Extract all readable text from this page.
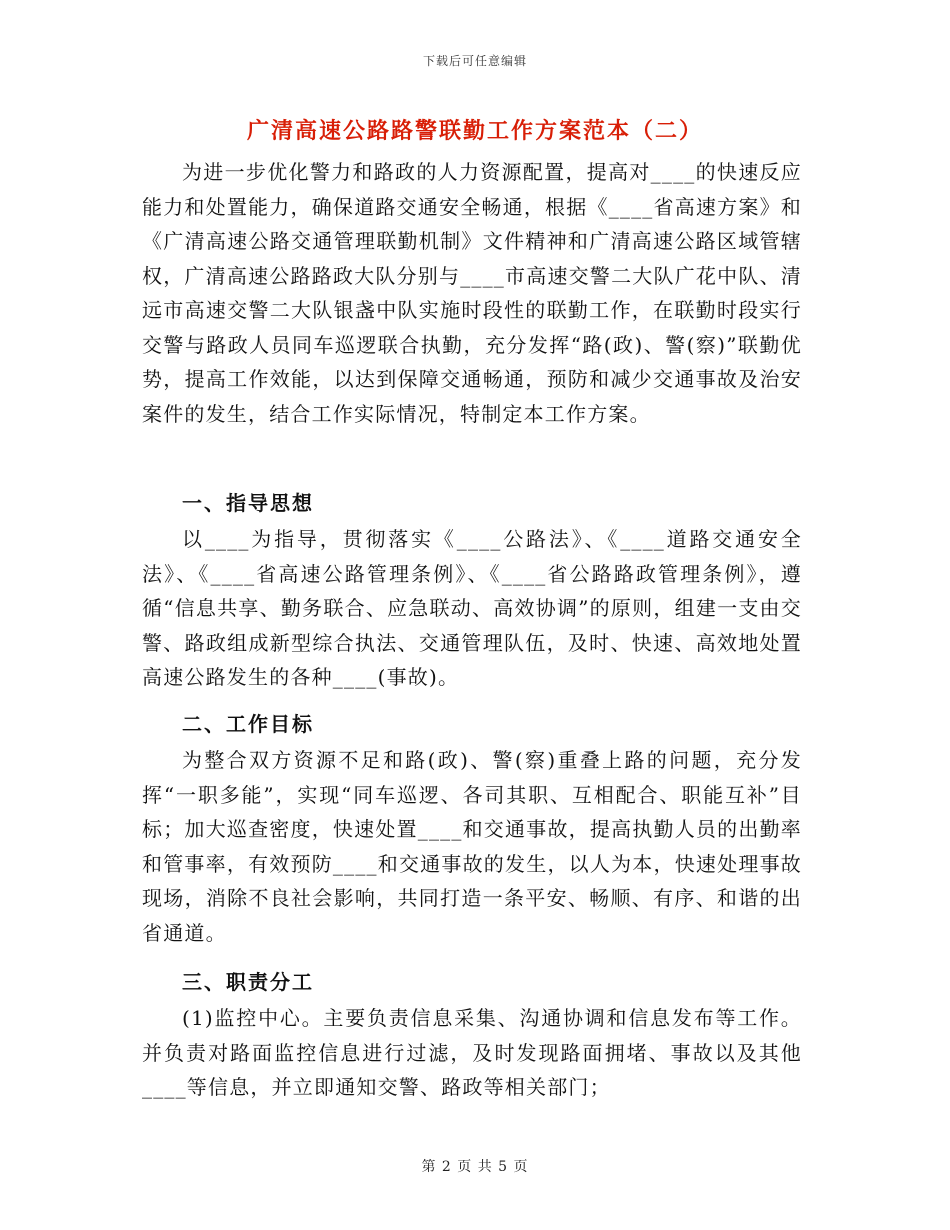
下载后可任意编辑
广清高速公路路警联勤工作方案范本（二）

为进一步优化警力和路政的人力资源配置，提高对____的快速反应能力和处置能力，确保道路交通安全畅通，根据《____省高速方案》和《广清高速公路交通管理联勤机制》文件精神和广清高速公路区域管辖权，广清高速公路路政大队分别与____市高速交警二大队广花中队、清远市高速交警二大队银盏中队实施时段性的联勤工作，在联勤时段实行交警与路政人员同车巡逻联合执勤，充分发挥“路(政)、警(察)”联勤优势，提高工作效能，以达到保障交通畅通，预防和减少交通事故及治安案件的发生，结合工作实际情况，特制定本工作方案。

一、指导思想

以____为指导，贯彻落实《____公路法》、《____道路交通安全法》、《____省高速公路管理条例》、《____省公路路政管理条例》，遵循“信息共享、勤务联合、应急联动、高效协调”的原则，组建一支由交警、路政组成新型综合执法、交通管理队伍，及时、快速、高效地处置高速公路发生的各种____(事故)。

二、工作目标

为整合双方资源不足和路(政)、警(察)重叠上路的问题，充分发挥“一职多能”，实现“同车巡逻、各司其职、互相配合、职能互补”目标；加大巡查密度，快速处置____和交通事故，提高执勤人员的出勤率和管事率，有效预防____和交通事故的发生，以人为本，快速处理事故现场，消除不良社会影响，共同打造一条平安、畅顺、有序、和谐的出省通道。

三、职责分工

(1)监控中心。主要负责信息采集、沟通协调和信息发布等工作。并负责对路面监控信息进行过滤，及时发现路面拥堵、事故以及其他____等信息，并立即通知交警、路政等相关部门；

第 2 页 共 5 页
